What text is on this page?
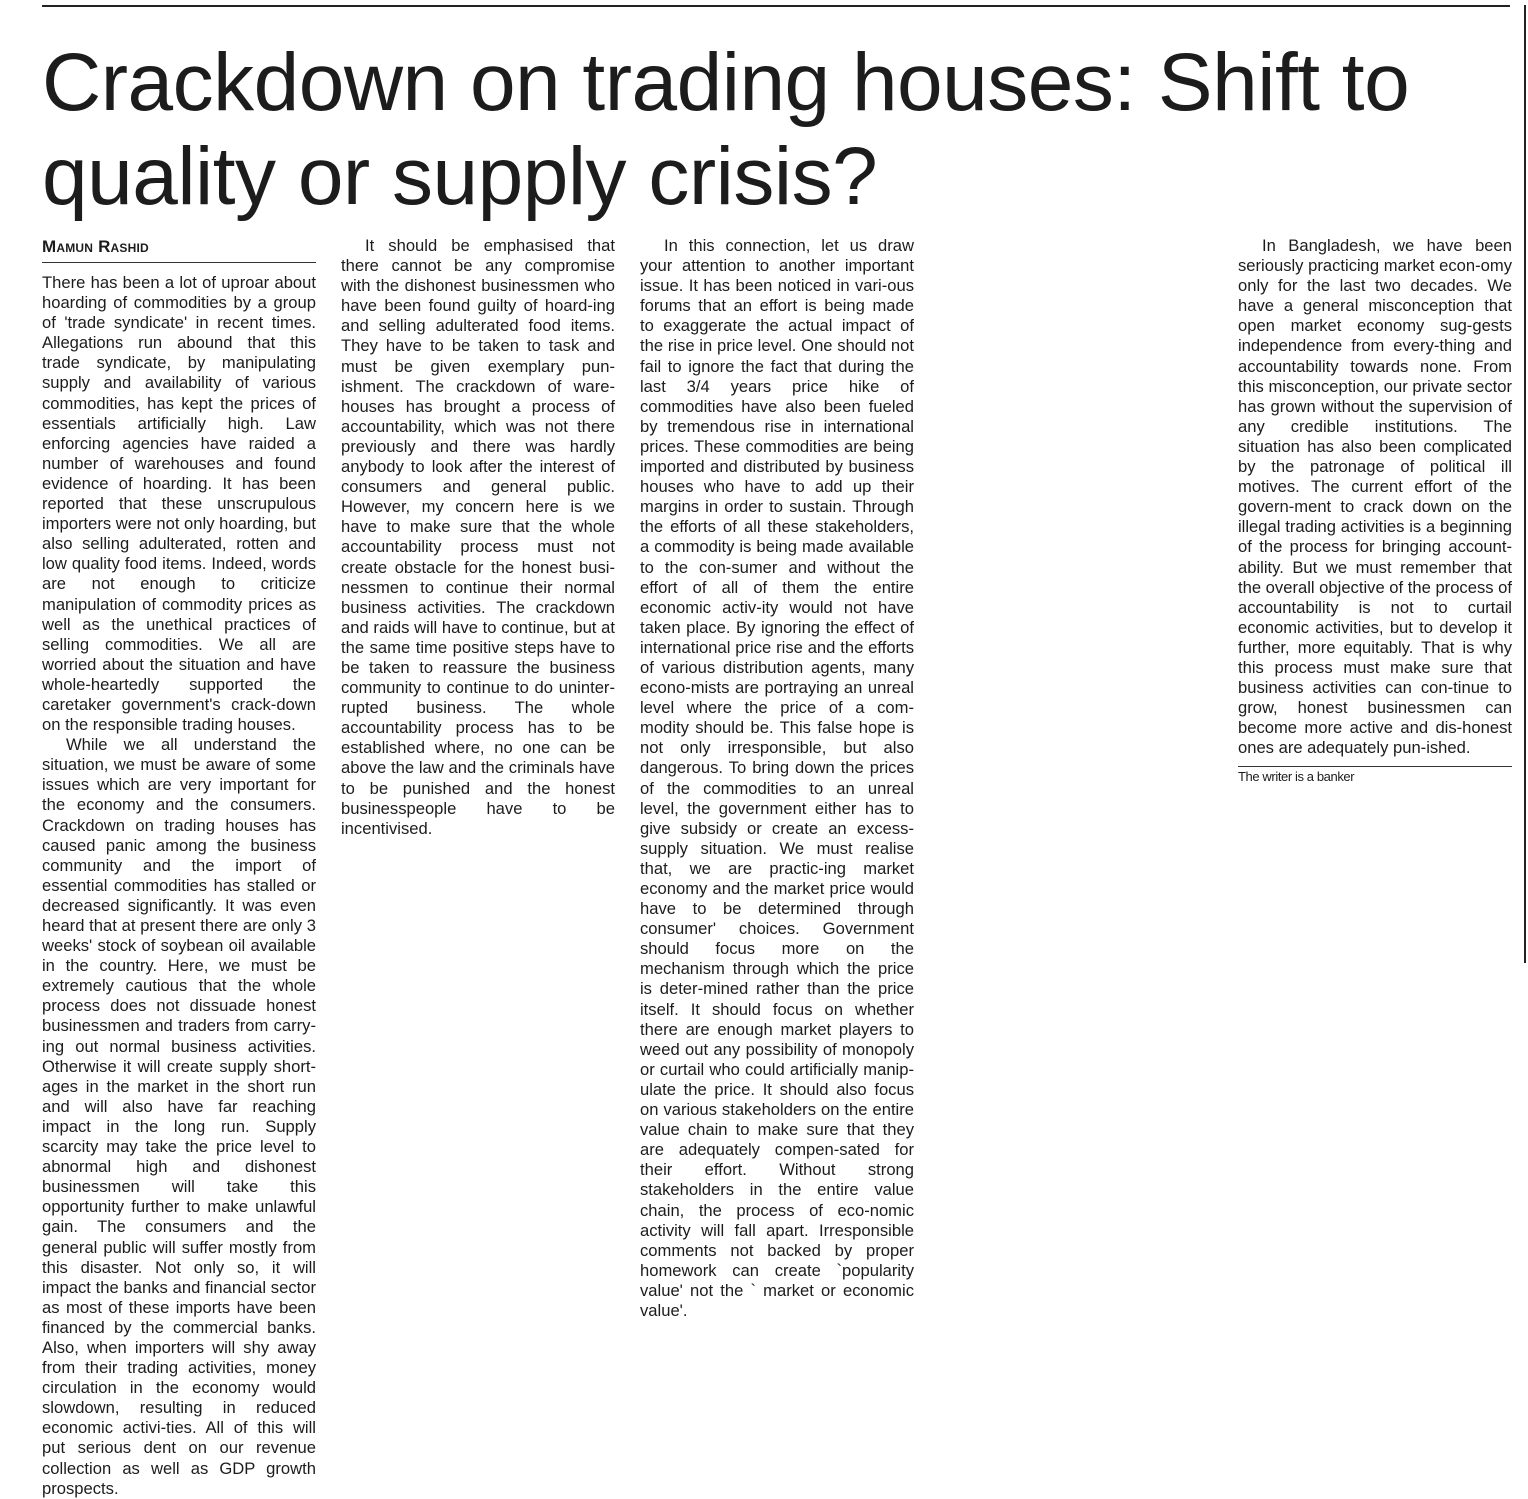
Crackdown on trading houses: Shift to quality or supply crisis?
Mamun Rashid

There has been a lot of uproar about hoarding of commodities by a group of 'trade syndicate' in recent times. Allegations run abound that this trade syndicate, by manipulating supply and availability of various commodities, has kept the prices of essentials artificially high. Law enforcing agencies have raided a number of warehouses and found evidence of hoarding. It has been reported that these unscrupulous importers were not only hoarding, but also selling adulterated, rotten and low quality food items. Indeed, words are not enough to criticize manipulation of commodity prices as well as the unethical practices of selling commodities. We all are worried about the situation and have whole-heartedly supported the caretaker government's crack-down on the responsible trading houses.

While we all understand the situation, we must be aware of some issues which are very important for the economy and the consumers. Crackdown on trading houses has caused panic among the business community and the import of essential commodities has stalled or decreased significantly. It was even heard that at present there are only 3 weeks' stock of soybean oil available in the country. Here, we must be extremely cautious that the whole process does not dissuade honest businessmen and traders from carry-ing out normal business activities. Otherwise it will create supply short-ages in the market in the short run and will also have far reaching impact in the long run. Supply scarcity may take the price level to abnormal high and dishonest businessmen will take this opportunity further to make unlawful gain. The consumers and the general public will suffer mostly from this disaster. Not only so, it will impact the banks and financial sector as most of these imports have been financed by the commercial banks. Also, when importers will shy away from their trading activities, money circulation in the economy would slowdown, resulting in reduced economic activi-ties. All of this will put serious dent on our revenue collection as well as GDP growth prospects.

It should be emphasised that there cannot be any compromise with the dishonest businessmen who have been found guilty of hoard-ing and selling adulterated food items. They have to be taken to task and must be given exemplary pun-ishment. The crackdown of ware-houses has brought a process of accountability, which was not there previously and there was hardly anybody to look after the interest of consumers and general public. However, my concern here is we have to make sure that the whole accountability process must not create obstacle for the honest busi-nessmen to continue their normal business activities. The crackdown and raids will have to continue, but at the same time positive steps have to be taken to reassure the business community to continue to do uninter-rupted business. The whole accountability process has to be established where, no one can be above the law and the criminals have to be punished and the honest businesspeople have to be incentivised.

In this connection, let us draw your attention to another important issue. It has been noticed in vari-ous forums that an effort is being made to exaggerate the actual impact of the rise in price level. One should not fail to ignore the fact that during the last 3/4 years price hike of commodities have also been fueled by tremendous rise in international prices. These commodities are being imported and distributed by business houses who have to add up their margins in order to sustain. Through the efforts of all these stakeholders, a commodity is being made available to the con-sumer and without the effort of all of them the entire economic activ-ity would not have taken place. By ignoring the effect of international price rise and the efforts of various distribution agents, many econo-mists are portraying an unreal level where the price of a com-modity should be. This false hope is not only irresponsible, but also dangerous. To bring down the prices of the commodities to an unreal level, the government either has to give subsidy or create an excess-supply situation. We must realise that, we are practic-ing market economy and the market price would have to be determined through consumer' choices. Government should focus more on the mechanism through which the price is deter-mined rather than the price itself. It should focus on whether there are enough market players to weed out any possibility of monopoly or curtail who could artificially manip-ulate the price. It should also focus on various stakeholders on the entire value chain to make sure that they are adequately compen-sated for their effort. Without strong stakeholders in the entire value chain, the process of eco-nomic activity will fall apart. Irresponsible comments not backed by proper homework can create `popularity value' not the ` market or economic value'.

In Bangladesh, we have been seriously practicing market econ-omy only for the last two decades. We have a general misconception that open market economy sug-gests independence from every-thing and accountability towards none. From this misconception, our private sector has grown without the supervision of any credible institutions. The situation has also been complicated by the patronage of political ill motives. The current effort of the govern-ment to crack down on the illegal trading activities is a beginning of the process for bringing account-ability. But we must remember that the overall objective of the process of accountability is not to curtail economic activities, but to develop it further, more equitably. That is why this process must make sure that business activities can con-tinue to grow, honest businessmen can become more active and dis-honest ones are adequately pun-ished.

The writer is a banker
